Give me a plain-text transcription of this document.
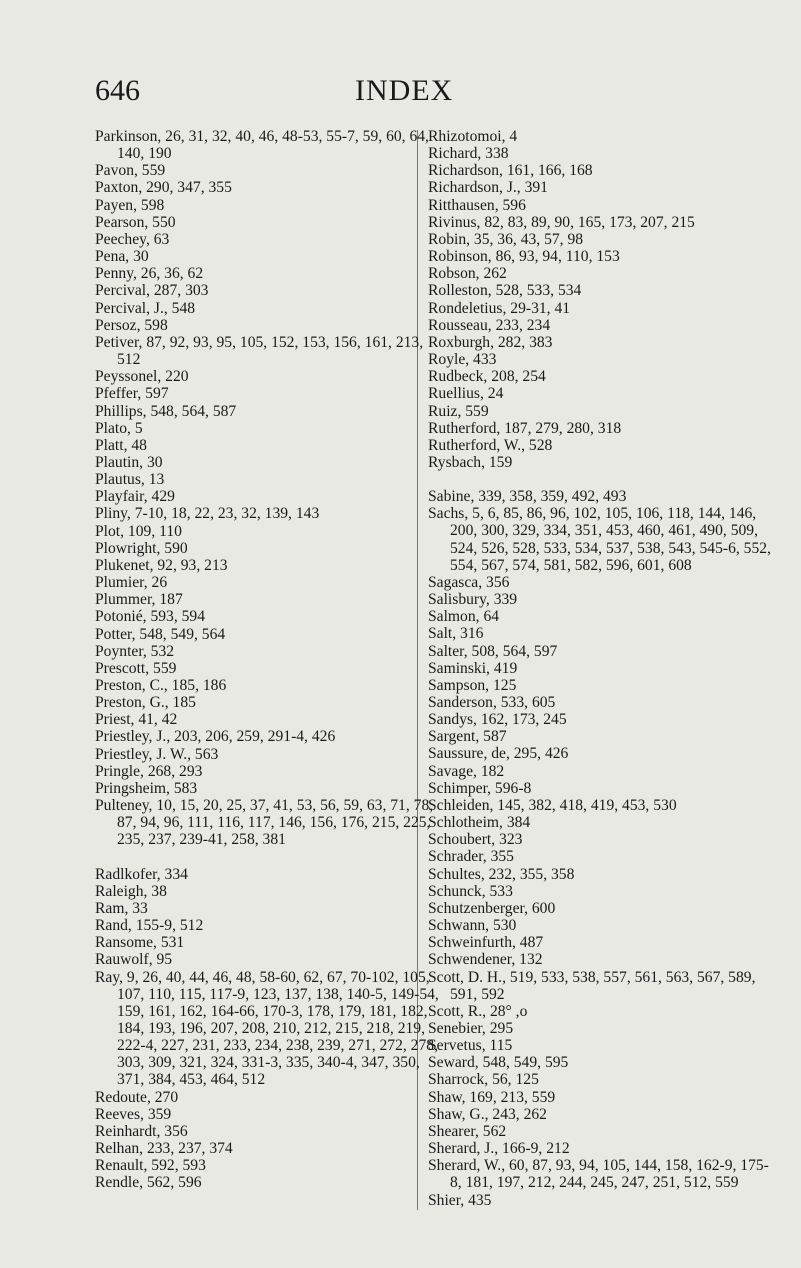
646	INDEX
Parkinson, 26, 31, 32, 40, 46, 48-53, 55-7, 59, 60, 64, 140, 190
Pavon, 559
Paxton, 290, 347, 355
Payen, 598
Pearson, 550
Peechey, 63
Pena, 30
Penny, 26, 36, 62
Percival, 287, 303
Percival, J., 548
Persoz, 598
Petiver, 87, 92, 93, 95, 105, 152, 153, 156, 161, 213, 512
Peyssonel, 220
Pfeffer, 597
Phillips, 548, 564, 587
Plato, 5
Platt, 48
Plautin, 30
Plautus, 13
Playfair, 429
Pliny, 7-10, 18, 22, 23, 32, 139, 143
Plot, 109, 110
Plowright, 590
Plukenet, 92, 93, 213
Plumier, 26
Plummer, 187
Potonié, 593, 594
Potter, 548, 549, 564
Poynter, 532
Prescott, 559
Preston, C., 185, 186
Preston, G., 185
Priest, 41, 42
Priestley, J., 203, 206, 259, 291-4, 426
Priestley, J. W., 563
Pringle, 268, 293
Pringsheim, 583
Pulteney, 10, 15, 20, 25, 37, 41, 53, 56, 59, 63, 71, 78, 87, 94, 96, 111, 116, 117, 146, 156, 176, 215, 225, 235, 237, 239-41, 258, 381
Radlkofer, 334
Raleigh, 38
Ram, 33
Rand, 155-9, 512
Ransome, 531
Rauwolf, 95
Ray, 9, 26, 40, 44, 46, 48, 58-60, 62, 67, 70-102, 105, 107, 110, 115, 117-9, 123, 137, 138, 140-5, 149-54, 159, 161, 162, 164-66, 170-3, 178, 179, 181, 182, 184, 193, 196, 207, 208, 210, 212, 215, 218, 219, 222-4, 227, 231, 233, 234, 238, 239, 271, 272, 278, 303, 309, 321, 324, 331-3, 335, 340-4, 347, 350, 371, 384, 453, 464, 512
Redoute, 270
Reeves, 359
Reinhardt, 356
Relhan, 233, 237, 374
Renault, 592, 593
Rendle, 562, 596
Rhizotomoi, 4
Richard, 338
Richardson, 161, 166, 168
Richardson, J., 391
Ritthausen, 596
Rivinus, 82, 83, 89, 90, 165, 173, 207, 215
Robin, 35, 36, 43, 57, 98
Robinson, 86, 93, 94, 110, 153
Robson, 262
Rolleston, 528, 533, 534
Rondeletius, 29-31, 41
Rousseau, 233, 234
Roxburgh, 282, 383
Royle, 433
Rudbeck, 208, 254
Ruellius, 24
Ruiz, 559
Rutherford, 187, 279, 280, 318
Rutherford, W., 528
Rysbach, 159
Sabine, 339, 358, 359, 492, 493
Sachs, 5, 6, 85, 86, 96, 102, 105, 106, 118, 144, 146, 200, 300, 329, 334, 351, 453, 460, 461, 490, 509, 524, 526, 528, 533, 534, 537, 538, 543, 545-6, 552, 554, 567, 574, 581, 582, 596, 601, 608
Sagasca, 356
Salisbury, 339
Salmon, 64
Salt, 316
Salter, 508, 564, 597
Saminski, 419
Sampson, 125
Sanderson, 533, 605
Sandys, 162, 173, 245
Sargent, 587
Saussure, de, 295, 426
Savage, 182
Schimper, 596-8
Schleiden, 145, 382, 418, 419, 453, 530
Schlotheim, 384
Schoubert, 323
Schrader, 355
Schultes, 232, 355, 358
Schunck, 533
Schutzenberger, 600
Schwann, 530
Schweinfurth, 487
Schwendener, 132
Scott, D. H., 519, 533, 538, 557, 561, 563, 567, 589, 591, 592
Scott, R., 28° ,o
Senebier, 295
Servetus, 115
Seward, 548, 549, 595
Sharrock, 56, 125
Shaw, 169, 213, 559
Shaw, G., 243, 262
Shearer, 562
Sherard, J., 166-9, 212
Sherard, W., 60, 87, 93, 94, 105, 144, 158, 162-9, 175-8, 181, 197, 212, 244, 245, 247, 251, 512, 559
Shier, 435
